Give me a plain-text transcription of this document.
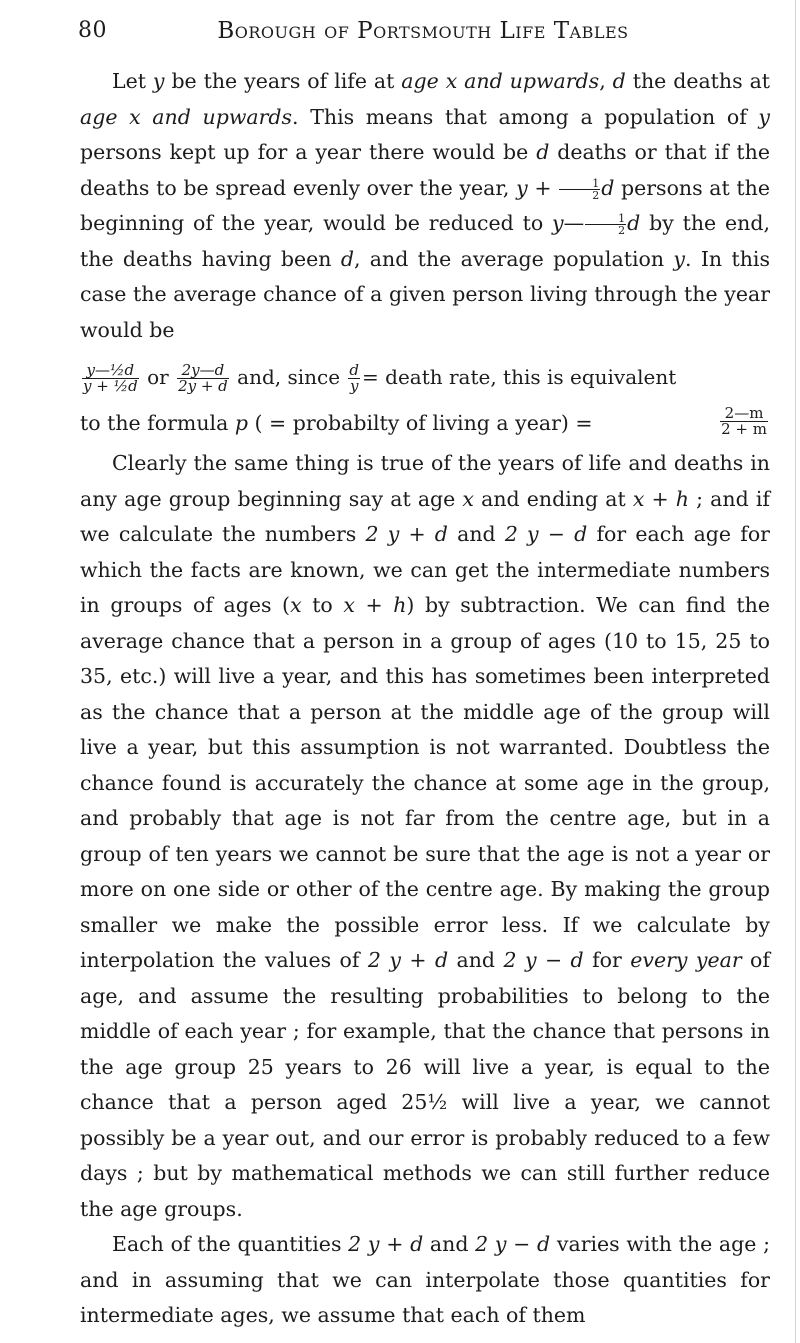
80	Borough of Portsmouth Life Tables

Let y be the years of life at age x and upwards, d the deaths at age x and upwards. This means that among a population of y persons kept up for a year there would be d deaths or that if the deaths to be spread evenly over the year, $y + \frac{1}{2}$ d persons at the beginning of the year, would be reduced to y— $\frac{1}{2}$ d by the end, the deaths having been d, and the average population y. In this case the average chance of a given person living through the year would be

$\frac{\text{y—½d}}{\text{y + ½d}}$ or $\frac{2y—d}{2y + d}$ and, since $\frac{d}{y}$ = death rate, this is equivalent
to the formula p ( = probabilty of living a year) =	$\frac{2—m}{2 + m}$

Clearly the same thing is true of the years of life and deaths in any age group beginning say at age x and ending at x + h ; and if we calculate the numbers 2 y + d and 2 y − d for each age for which the facts are known, we can get the intermediate numbers in groups of ages (x to x + h) by subtraction. We can find the average chance that a person in a group of ages (10 to 15, 25 to 35, etc.) will live a year, and this has sometimes been interpreted as the chance that a person at the middle age of the group will live a year, but this assumption is not warranted. Doubtless the chance found is accurately the chance at some age in the group, and probably that age is not far from the centre age, but in a group of ten years we cannot be sure that the age is not a year or more on one side or other of the centre age. By making the group smaller we make the possible error less. If we calculate by interpolation the values of 2 y + d and 2 y − d for every year of age, and assume the resulting probabilities to belong to the middle of each year ; for example, that the chance that persons in the age group 25 years to 26 will live a year, is equal to the chance that a person aged 25½ will live a year, we cannot possibly be a year out, and our error is probably reduced to a few days ; but by mathematical methods we can still further reduce the age groups.

Each of the quantities 2 y + d and 2 y − d varies with the age ; and in assuming that we can interpolate those quantities for intermediate ages, we assume that each of them
